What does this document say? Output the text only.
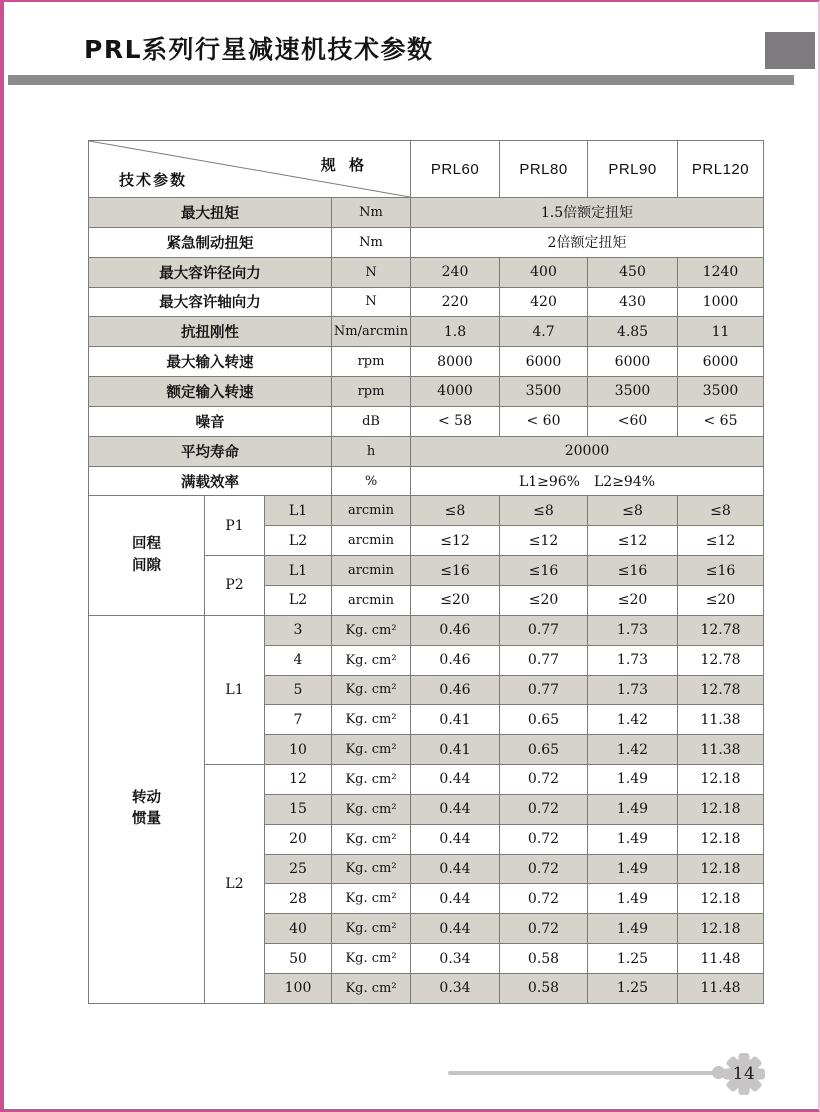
PRL系列行星减速机技术参数
规 格
技术参数				PRL60	PRL80	PRL90	PRL120
最大扭矩			Nm	1.5倍额定扭矩			
紧急制动扭矩			Nm	2倍额定扭矩			
最大容许径向力			N	240	400	450	1240
最大容许轴向力			N	220	420	430	1000
抗扭刚性			Nm/arcmin	1.8	4.7	4.85	11
最大输入转速			rpm	8000	6000	6000	6000
额定输入转速			rpm	4000	3500	3500	3500
噪音			dB	< 58	< 60	<60	< 65
平均寿命			h	20000			
满载效率			%	L1≥96%　L2≥94%			

回程
间隙	P1	L1	arcmin	≤8	≤8	≤8	≤8
		L2	arcmin	≤12	≤12	≤12	≤12
	P2	L1	arcmin	≤16	≤16	≤16	≤16
		L2	arcmin	≤20	≤20	≤20	≤20

转动
惯量	L1	3	Kg. cm²	0.46	0.77	1.73	12.78
		4	Kg. cm²	0.46	0.77	1.73	12.78
		5	Kg. cm²	0.46	0.77	1.73	12.78
		7	Kg. cm²	0.41	0.65	1.42	11.38
		10	Kg. cm²	0.41	0.65	1.42	11.38
	L2	12	Kg. cm²	0.44	0.72	1.49	12.18
		15	Kg. cm²	0.44	0.72	1.49	12.18
		20	Kg. cm²	0.44	0.72	1.49	12.18
		25	Kg. cm²	0.44	0.72	1.49	12.18
		28	Kg. cm²	0.44	0.72	1.49	12.18
		40	Kg. cm²	0.44	0.72	1.49	12.18
		50	Kg. cm²	0.34	0.58	1.25	11.48
		100	Kg. cm²	0.34	0.58	1.25	11.48
14
